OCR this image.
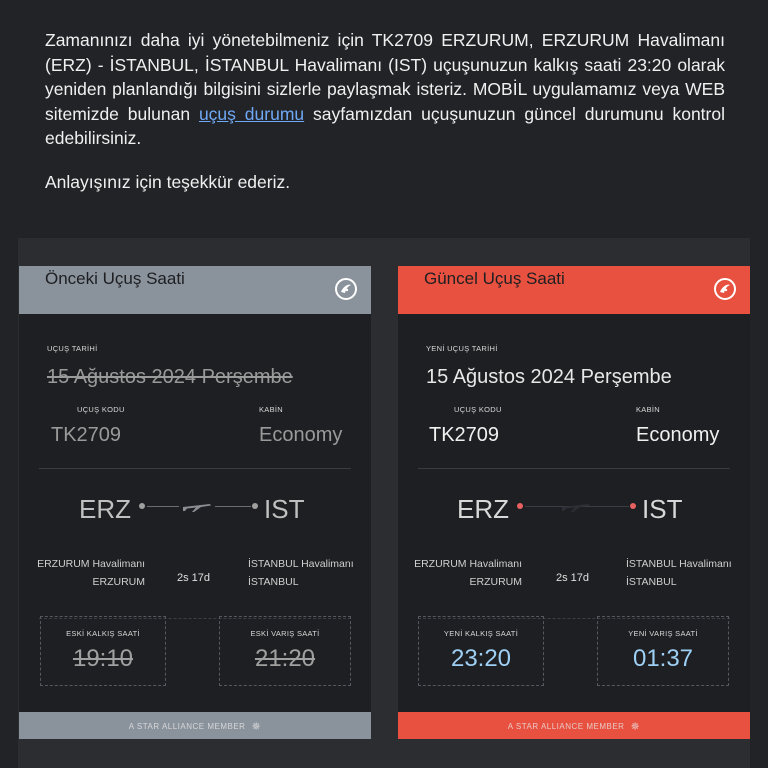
Zamanınızı daha iyi yönetebilmeniz için TK2709 ERZURUM, ERZURUM Havalimanı (ERZ) - İSTANBUL, İSTANBUL Havalimanı (IST) uçuşunuzun kalkış saati 23:20 olarak yeniden planlandığı bilgisini sizlerle paylaşmak isteriz. MOBİL uygulamamız veya WEB sitemizde bulunan uçuş durumu sayfamızdan uçuşunuzun güncel durumunu kontrol edebilirsiniz.
Anlayışınız için teşekkür ederiz.
Önceki Uçuş Saati
UÇUŞ TARİHİ
15 Ağustos 2024 Perşembe
UÇUŞ KODU	KABİN
TK2709	Economy
ERZ	IST
ERZURUM Havalimanı
ERZURUM	2s 17d
İSTANBUL Havalimanı
İSTANBUL
ESKİ KALKIŞ SAATİ
19:10
ESKİ VARIŞ SAATİ
21:20
A STAR ALLIANCE MEMBER ✵
Güncel Uçuş Saati
YENİ UÇUŞ TARİHİ
15 Ağustos 2024 Perşembe
UÇUŞ KODU	KABİN
TK2709	Economy
ERZ	IST
ERZURUM Havalimanı
ERZURUM	2s 17d
İSTANBUL Havalimanı
İSTANBUL
YENİ KALKIŞ SAATİ
23:20
YENİ VARIŞ SAATİ
01:37
A STAR ALLIANCE MEMBER ✵
